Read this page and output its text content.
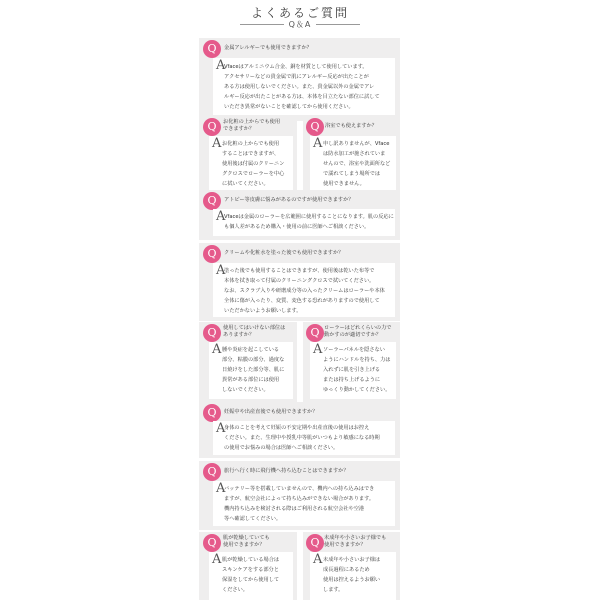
よくあるご質問
Q＆A
Q	金属アレルギーでも使用できますか？
A
Vfaceはアルミニウム合金、銅を材質として使用しています。
アクセサリーなどの貴金属で肌にアレルギー反応が出たことが
ある方は使用しないでください。また、貴金属以外の金属でアレ
ルギー反応が出たことがある方は、本体を目立たない部位に試して
いただき異常がないことを確認してから使用ください。
Q	お化粧の上からでも使用
できますか？
A お化粧の上からでも使用
することはできますが、
使用後は付属のクリーニン
グクロスでローラーを中心
に拭いてください。
Q	浴室でも使えますか？
A 申し訳ありませんが、Vface
は防水加工が施されていま
せんので、浴室や洗面所など
で濡れてしまう場所では
使用できません。
Q	アトピー等皮膚に悩みがあるのですが使用できますか？
A
Vfaceは金属のローラーを広範囲に使用することになります。肌の反応に
も個人差があるため購入・使用の前に医師へご相談ください。
Q	クリームや化粧水を塗った後でも使用できますか？
A
塗った後でも使用することはできますが、使用後は乾いた布等で
本体を拭き取って付属のクリーニングクロスで拭いてください。
なお、スクラブ入りや研磨成分等の入ったクリームはローラーや本体
全体に傷が入ったり、変質、変色する恐れがありますので使用して
いただかないようお願いします。
Q	使用してはいけない部位は
ありますか？
A 腫や炎症を起こしている
部分、粘膜の部分、過度な
日焼けをした部分等、肌に
異常がある部位には使用
しないでください。
Q ローラーはどれくらいの力で
動かすのが適切ですか？
A ソーラーパネルを隠さない
ようにハンドルを持ち、力は
入れずに肌を引き上げる
または持ち上げるように
ゆっくり動かしてください。
Q	妊娠中や出産直後でも使用できますか？
A
身体のことを考えて妊娠の不安定期や出産直後の使用はお控え
ください。また、生理中や授乳中等肌がいつもより敏感になる時期
の使用でお悩みの場合は医師へご相談ください。
Q	旅行へ行く時に飛行機へ持ち込むことはできますか？
A
バッテリー等を搭載していませんので、機内への持ち込みはでき
ますが、航空会社によって持ち込みができない場合があります。
機内持ち込みを検討される際はご利用される航空会社や空港
等へ確認してください。
Q	肌が乾燥していても
使用できますか？
A 肌が乾燥している場合は
スキンケアをする部分と
保湿をしてから使用して
ください。
Q 未成年や小さいお子様でも
使用できますか？
A 未成年や小さいお子様は
成長過程にあるため
使用は控えるようお願い
します。
